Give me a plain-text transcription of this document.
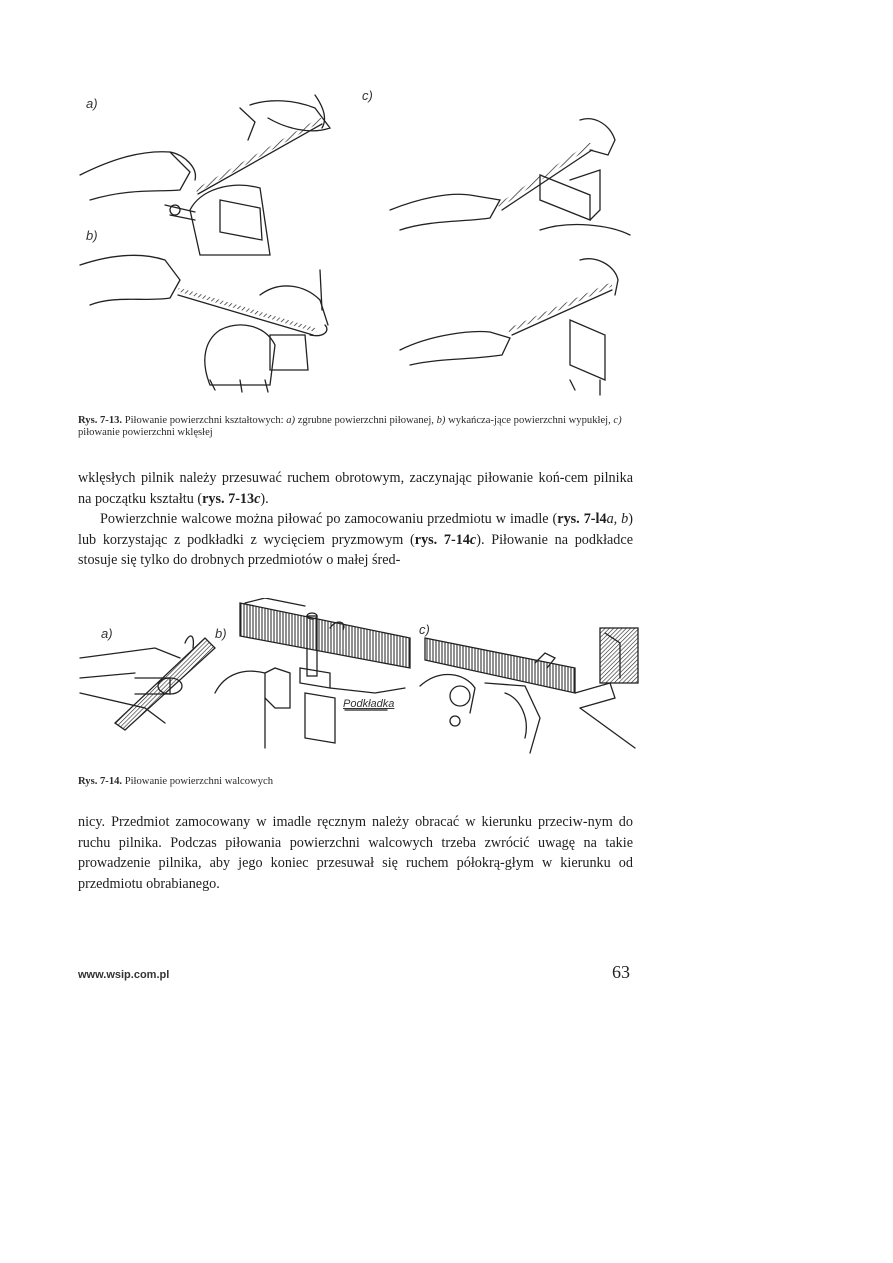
a)
b)
c)
Rys. 7-13. Piłowanie powierzchni kształtowych: a) zgrubne powierzchni piłowanej, b) wykańcza-jące powierzchni wypukłej, c) piłowanie powierzchni wklęsłej

wklęsłych pilnik należy przesuwać ruchem obrotowym, zaczynając piłowanie koń-cem pilnika na początku kształtu (rys. 7-13c).

Powierzchnie walcowe można piłować po zamocowaniu przedmiotu w imadle (rys. 7-l4a, b) lub korzystając z podkładki z wycięciem pryzmowym (rys. 7-14c). Piłowanie na podkładce stosuje się tylko do drobnych przedmiotów o małej śred-

a)	b)	c)
Podkładka
Rys. 7-14. Piłowanie powierzchni walcowych

nicy. Przedmiot zamocowany w imadle ręcznym należy obracać w kierunku przeciw-nym do ruchu pilnika. Podczas piłowania powierzchni walcowych trzeba zwrócić uwagę na takie prowadzenie pilnika, aby jego koniec przesuwał się ruchem półokrą-głym w kierunku od przedmiotu obrabianego.

www.wsip.com.pl	63
